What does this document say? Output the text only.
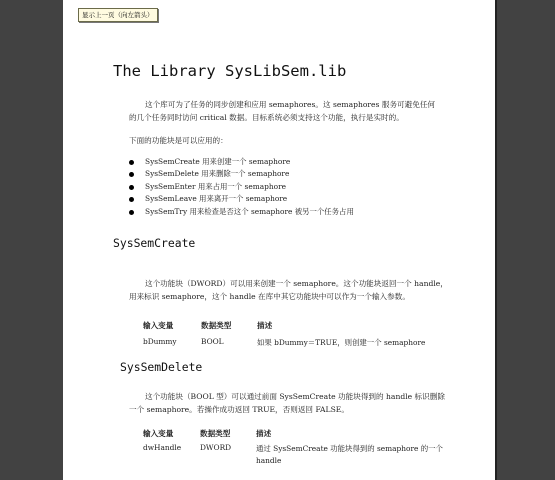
The Library SysLibSem.lib
这个库可为了任务的同步创建和应用 semaphores。这 semaphores 服务可避免任何
的几个任务同时访问 critical 数据。目标系统必须支持这个功能，执行是实时的。
下面的功能块是可以应用的：
SysSemCreate 用来创建一个 semaphore
SysSemDelete 用来删除一个 semaphore
SysSemEnter 用来占用一个 semaphore
SysSemLeave 用来离开一个 semaphore
SysSemTry 用来检查是否这个 semaphore 被另一个任务占用
SysSemCreate
这个功能块（DWORD）可以用来创建一个 semaphore。这个功能块返回一个 handle，
用来标识 semaphore，这个 handle 在库中其它功能块中可以作为一个输入参数。
输入变量	数据类型	描述
bDummy	BOOL	如果 bDummy＝TRUE，则创建一个 semaphore
SysSemDelete
这个功能块（BOOL 型）可以通过前面 SysSemCreate 功能块得到的 handle 标识删除
一个 semaphore。若操作成功返回 TRUE，否则返回 FALSE。
输入变量	数据类型	描述
dwHandle	DWORD	通过 SysSemCreate 功能块得到的 semaphore 的一个
handle
显示上一页（向左箭头）
